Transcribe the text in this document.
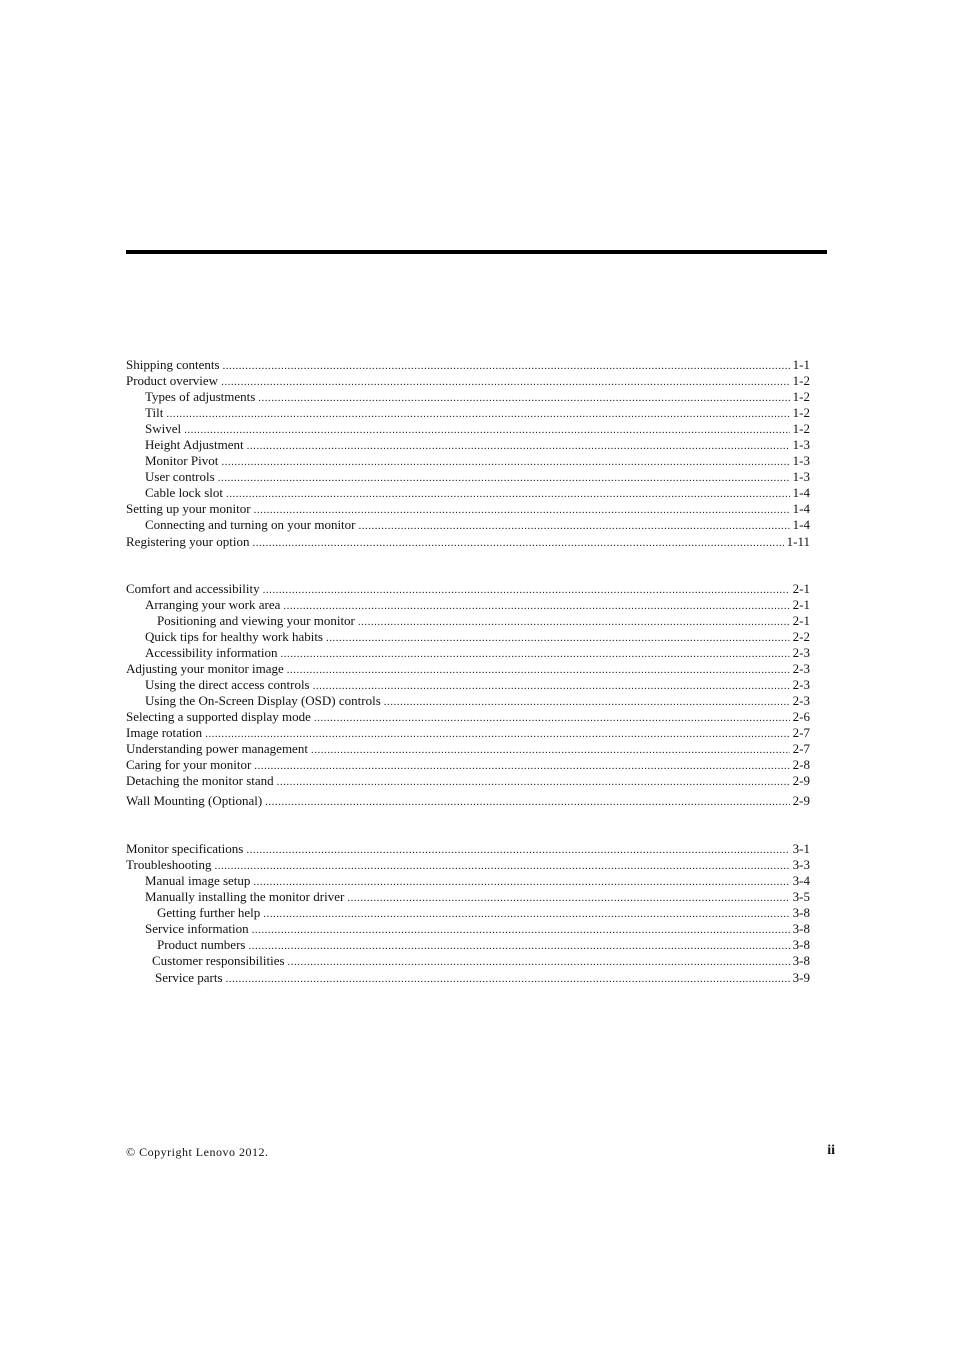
Shipping contents .....	1-1
Product overview .....	1-2
Types of adjustments .....	1-2
Tilt .....	1-2
Swivel .....	1-2
Height Adjustment .....	1-3
Monitor Pivot .....	1-3
User controls .....	1-3
Cable lock slot .....	1-4
Setting up your monitor .....	1-4
Connecting and turning on your monitor .....	1-4
Registering your option .....	1-11
Comfort and accessibility .....	2-1
Arranging your work area .....	2-1
Positioning and viewing your monitor .....	2-1
Quick tips for healthy work habits .....	2-2
Accessibility information .....	2-3
Adjusting your monitor image .....	2-3
Using the direct access controls .....	2-3
Using the On-Screen Display (OSD) controls .....	2-3
Selecting a supported display mode .....	2-6
Image rotation .....	2-7
Understanding power management .....	2-7
Caring for your monitor .....	2-8
Detaching the monitor stand .....	2-9
Wall Mounting (Optional) .....	2-9
Monitor specifications .....	3-1
Troubleshooting .....	3-3
Manual image setup .....	3-4
Manually installing the monitor driver .....	3-5
Getting further help .....	3-8
Service information .....	3-8
Product numbers .....	3-8
Customer responsibilities .....	3-8
Service parts .....	3-9
© Copyright Lenovo 2012.	ii
